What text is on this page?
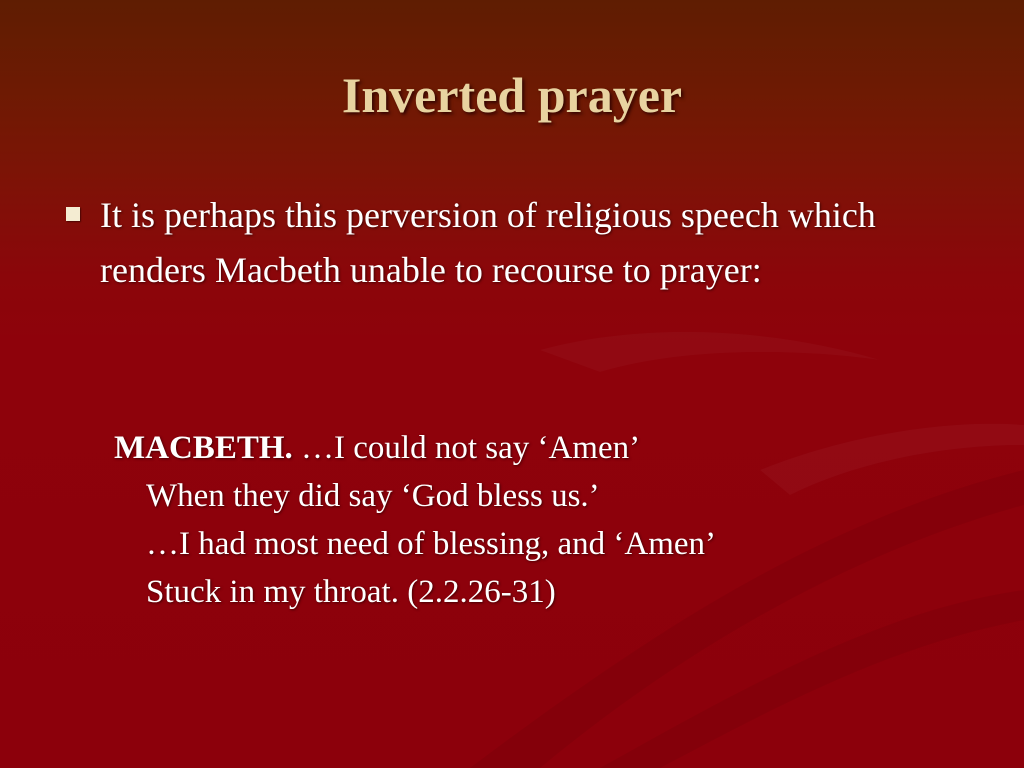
Inverted prayer
It is perhaps this perversion of religious speech which renders Macbeth unable to recourse to prayer:
MACBETH. …I could not say ‘Amen’
When they did say ‘God bless us.’
…I had most need of blessing, and ‘Amen’
Stuck in my throat. (2.2.26-31)
